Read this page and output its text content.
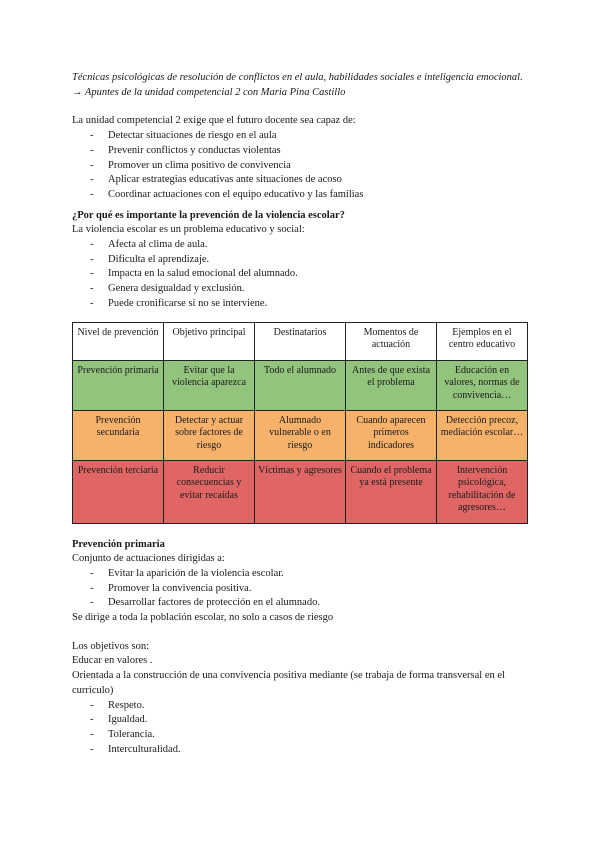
Técnicas psicológicas de resolución de conflictos en el aula, habilidades sociales e inteligencia emocional. → Apuntes de la unidad competencial 2 con Maria Pina Castillo

La unidad competencial 2 exige que el futuro docente sea capaz de:

- Detectar situaciones de riesgo en el aula
- Prevenir conflictos y conductas violentas
- Promover un clima positivo de convivencia
- Aplicar estrategias educativas ante situaciones de acoso
- Coordinar actuaciones con el equipo educativo y las familias
¿Por qué es importante la prevención de la violencia escolar?

La violencia escolar es un problema educativo y social:

- Afecta al clima de aula.
- Dificulta el aprendizaje.
- Impacta en la salud emocional del alumnado.
- Genera desigualdad y exclusión.
- Puede cronificarse si no se interviene.
Nivel de prevención	Objetivo principal	Destinatarios	Momentos de actuación	Ejemplos en el centro educativo
Prevención primaria	Evitar que la violencia aparezca	Todo el alumnado	Antes de que exista el problema	Educación en valores, normas de convivencia…
Prevención secundaria	Detectar y actuar sobre factores de riesgo	Alumnado vulnerable o en riesgo	Cuando aparecen primeros indicadores	Detección precoz, mediación escolar…
Prevención terciaria	Reducir consecuencias y evitar recaídas	Víctimas y agresores	Cuando el problema ya está presente	Intervención psicológica, rehabilitación de agresores…
Prevención primaria

Conjunto de actuaciones dirigidas a:

- Evitar la aparición de la violencia escolar.
- Promover la convivencia positiva.
- Desarrollar factores de protección en el alumnado.

Se dirige a toda la población escolar, no solo a casos de riesgo

Los objetivos son:

Educar en valores .

Orientada a la construcción de una convivencia positiva mediante (se trabaja de forma transversal en el currículo)

- Respeto.
- Igualdad.
- Tolerancia.
- Interculturalidad.
